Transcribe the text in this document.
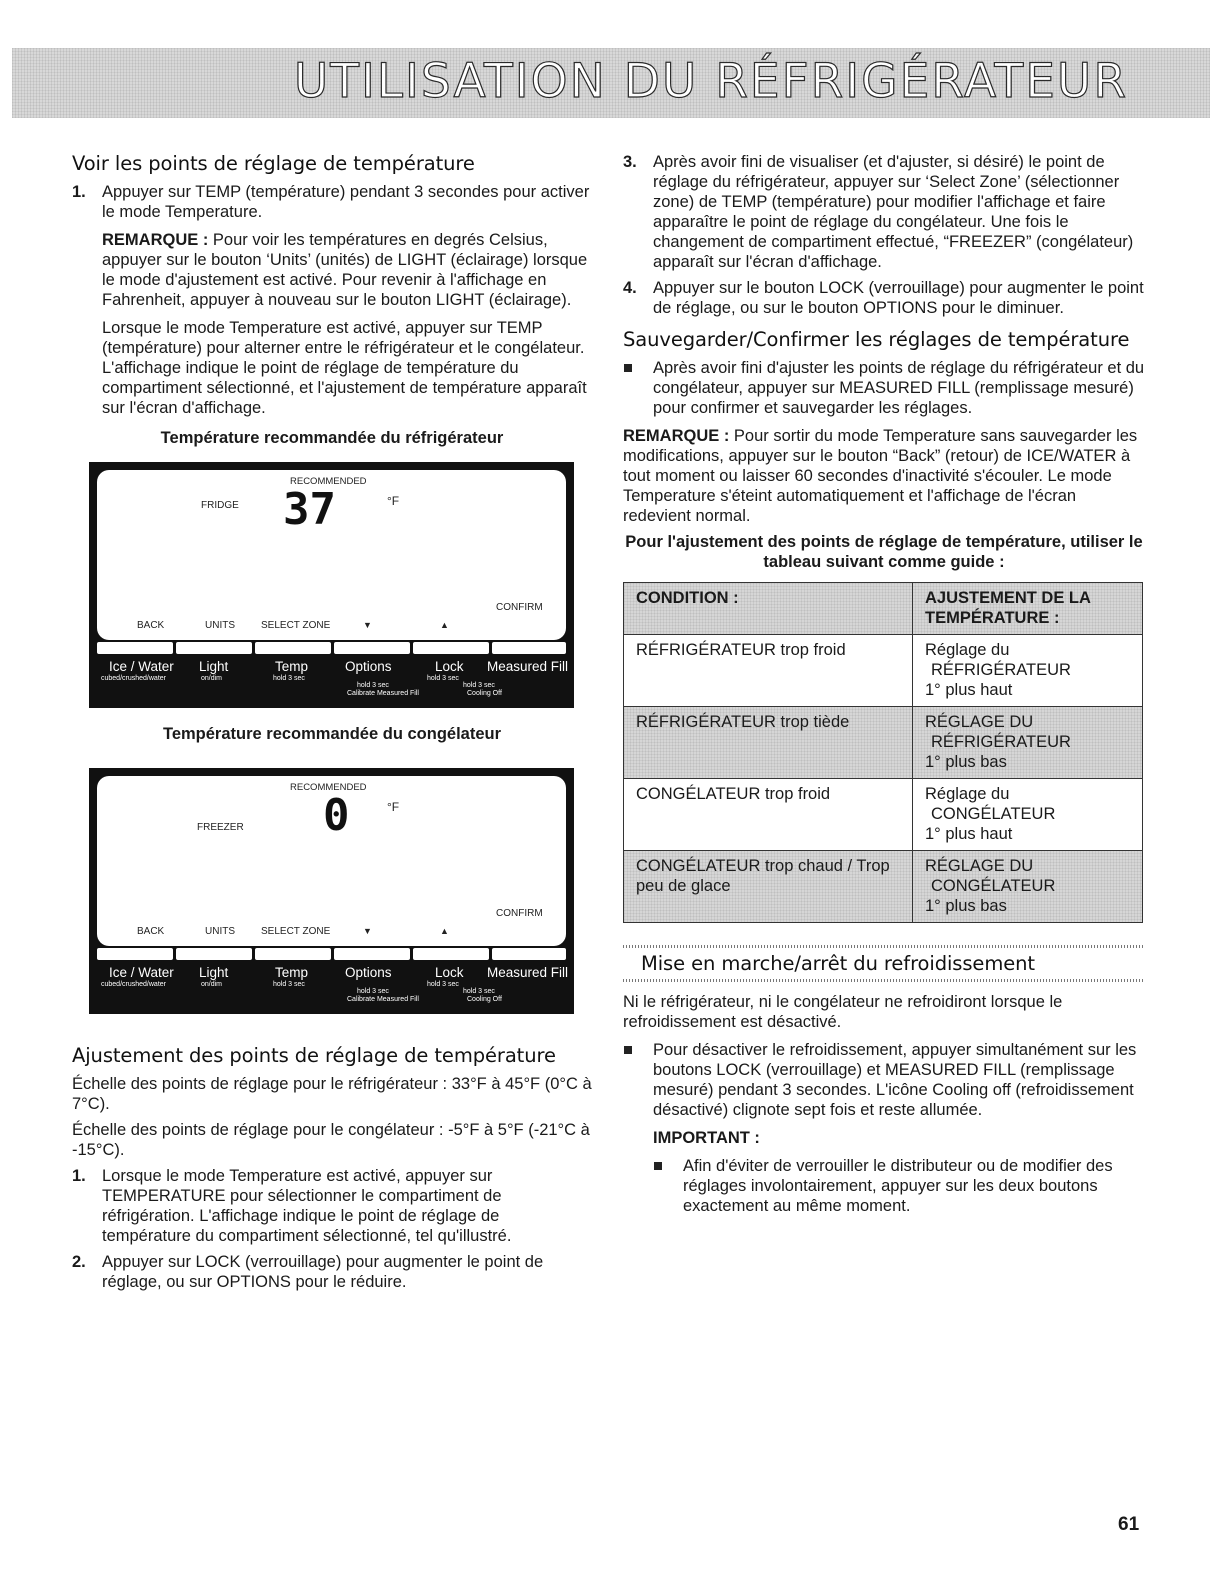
UTILISATION DU RÉFRIGÉRATEUR
Voir les points de réglage de température
1. Appuyer sur TEMP (température) pendant 3 secondes pour activer le mode Temperature.

REMARQUE : Pour voir les températures en degrés Celsius, appuyer sur le bouton ‘Units’ (unités) de LIGHT (éclairage) lorsque le mode d'ajustement est activé. Pour revenir à l'affichage en Fahrenheit, appuyer à nouveau sur le bouton LIGHT (éclairage).

Lorsque le mode Temperature est activé, appuyer sur TEMP (température) pour alterner entre le réfrigérateur et le congélateur. L'affichage indique le point de réglage de température du compartiment sélectionné, et l'ajustement de température apparaît sur l'écran d'affichage.

Température recommandée du réfrigérateur
RECOMMENDED
FRIDGE 37	°F
BACK	UNITS	SELECT ZONE	▼	▲
CONFIRM
Ice / Water Light	Temp	Options	Lock Measured Fill
cubed/crushed/water	on/dim	hold 3 sec
hold 3 sec
hold 3 sec
hold 3 sec
Calibrate Measured Fill	Cooling Off
Température recommandée du congélateur
RECOMMENDED
FREEZER 0	°F
BACK	UNITS	SELECT ZONE	▼	▲
CONFIRM
Ice / Water Light	Temp	Options	Lock Measured Fill
cubed/crushed/water	on/dim	hold 3 sec
hold 3 sec
hold 3 sec
hold 3 sec
Calibrate Measured Fill	Cooling Off
Ajustement des points de réglage de température

Échelle des points de réglage pour le réfrigérateur : 33°F à 45°F (0°C à 7°C).

Échelle des points de réglage pour le congélateur : -5°F à 5°F (-21°C à -15°C).

1. Lorsque le mode Temperature est activé, appuyer sur TEMPERATURE pour sélectionner le compartiment de réfrigération. L'affichage indique le point de réglage de température du compartiment sélectionné, tel qu'illustré.
2. Appuyer sur LOCK (verrouillage) pour augmenter le point de réglage, ou sur OPTIONS pour le réduire.
3. Après avoir fini de visualiser (et d'ajuster, si désiré) le point de réglage du réfrigérateur, appuyer sur ‘Select Zone’ (sélectionner zone) de TEMP (température) pour modifier l'affichage et faire apparaître le point de réglage du congélateur. Une fois le changement de compartiment effectué, “FREEZER” (congélateur) apparaît sur l'écran d'affichage.
4. Appuyer sur le bouton LOCK (verrouillage) pour augmenter le point de réglage, ou sur le bouton OPTIONS pour le diminuer.
Sauvegarder/Confirmer les réglages de température
Après avoir fini d'ajuster les points de réglage du réfrigérateur et du congélateur, appuyer sur MEASURED FILL (remplissage mesuré) pour confirmer et sauvegarder les réglages.

REMARQUE : Pour sortir du mode Temperature sans sauvegarder les modifications, appuyer sur le bouton “Back” (retour) de ICE/WATER à tout moment ou laisser 60 secondes d'inactivité s'écouler. Le mode Temperature s'éteint automatiquement et l'affichage de l'écran redevient normal.

Pour l'ajustement des points de réglage de température, utiliser le tableau suivant comme guide :
CONDITION :	AJUSTEMENT DE LA TEMPÉRATURE :
RÉFRIGÉRATEUR trop froid	Réglage du
RÉFRIGÉRATEUR
1° plus haut

RÉFRIGÉRATEUR trop tiède	RÉGLAGE DU
RÉFRIGÉRATEUR
1° plus bas

CONGÉLATEUR trop froid	Réglage du
CONGÉLATEUR
1° plus haut

CONGÉLATEUR trop chaud / Trop peu de glace	RÉGLAGE DU
CONGÉLATEUR
1° plus bas
Mise en marche/arrêt du refroidissement

Ni le réfrigérateur, ni le congélateur ne refroidiront lorsque le refroidissement est désactivé.

Pour désactiver le refroidissement, appuyer simultanément sur les boutons LOCK (verrouillage) et MEASURED FILL (remplissage mesuré) pendant 3 secondes. L'icône Cooling off (refroidissement désactivé) clignote sept fois et reste allumée.

IMPORTANT :

Afin d'éviter de verrouiller le distributeur ou de modifier des réglages involontairement, appuyer sur les deux boutons exactement au même moment.
61
